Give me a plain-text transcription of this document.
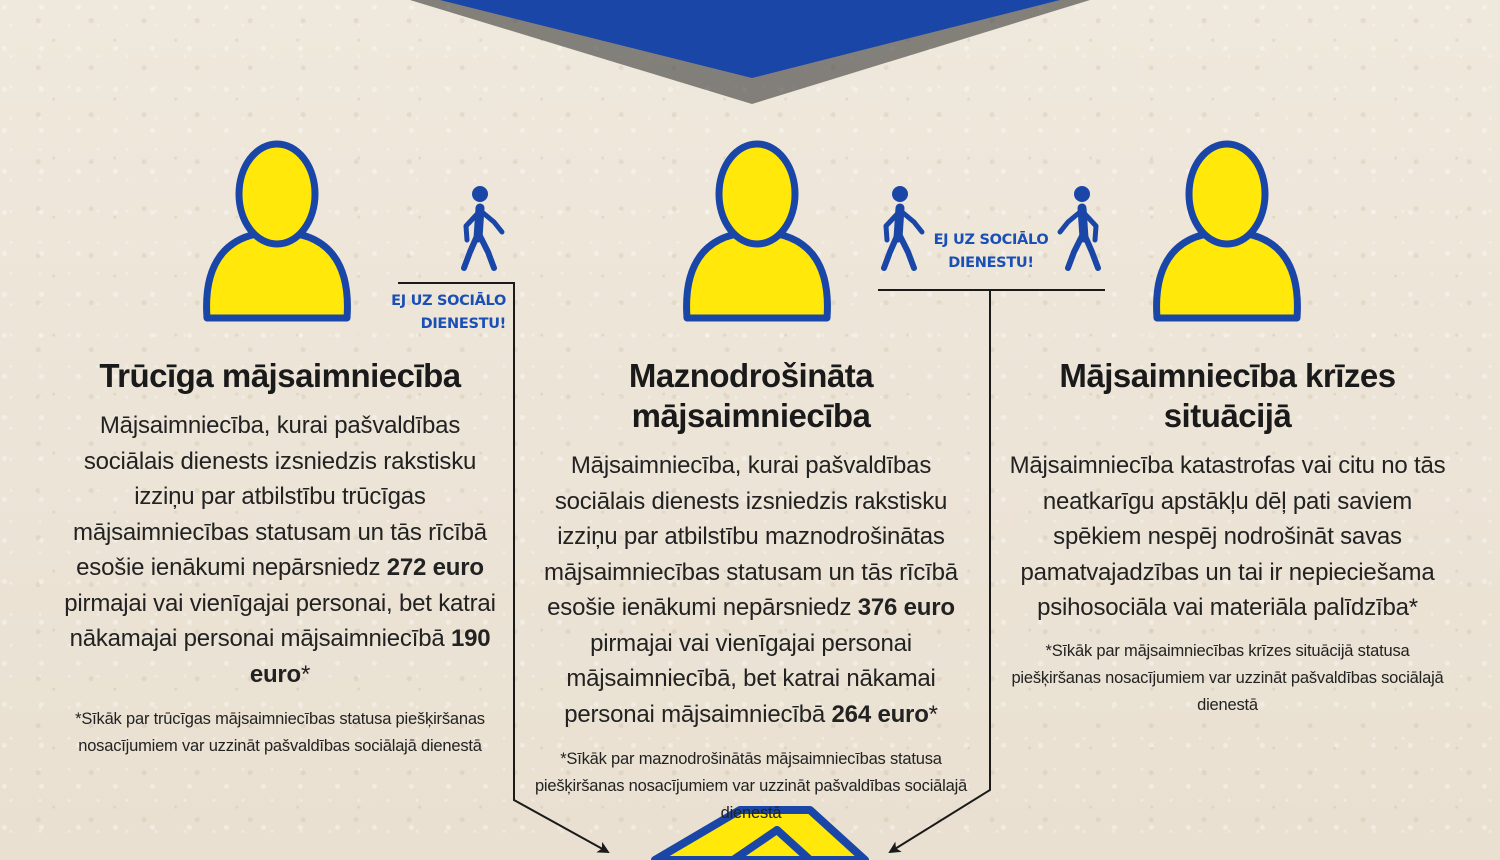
EJ UZ SOCIĀLO DIENESTU!
EJ UZ SOCIĀLO DIENESTU!
Trūcīga mājsaimniecība

Mājsaimniecība, kurai pašvaldības sociālais dienests izsniedzis rakstisku izziņu par atbilstību trūcīgas mājsaimniecības statusam un tās rīcībā esošie ienākumi nepārsniedz 272 euro pirmajai vai vienīgajai personai, bet katrai nākamajai personai mājsaimniecībā 190 euro*

*Sīkāk par trūcīgas mājsaimniecības statusa piešķiršanas nosacījumiem var uzzināt pašvaldības sociālajā dienestā

Maznodrošināta mājsaimniecība

Mājsaimniecība, kurai pašvaldības sociālais dienests izsniedzis rakstisku izziņu par atbilstību maznodrošinātas mājsaimniecības statusam un tās rīcībā esošie ienākumi nepārsniedz 376 euro pirmajai vai vienīgajai personai mājsaimniecībā, bet katrai nākamai personai mājsaimniecībā 264 euro*

*Sīkāk par maznodrošinātās mājsaimniecības statusa piešķiršanas nosacījumiem var uzzināt pašvaldības sociālajā dienestā

Mājsaimniecība krīzes situācijā

Mājsaimniecība katastrofas vai citu no tās neatkarīgu apstākļu dēļ pati saviem spēkiem nespēj nodrošināt savas pamatvajadzības un tai ir nepieciešama psihosociāla vai materiāla palīdzība*

*Sīkāk par mājsaimniecības krīzes situācijā statusa piešķiršanas nosacījumiem var uzzināt pašvaldības sociālajā dienestā
